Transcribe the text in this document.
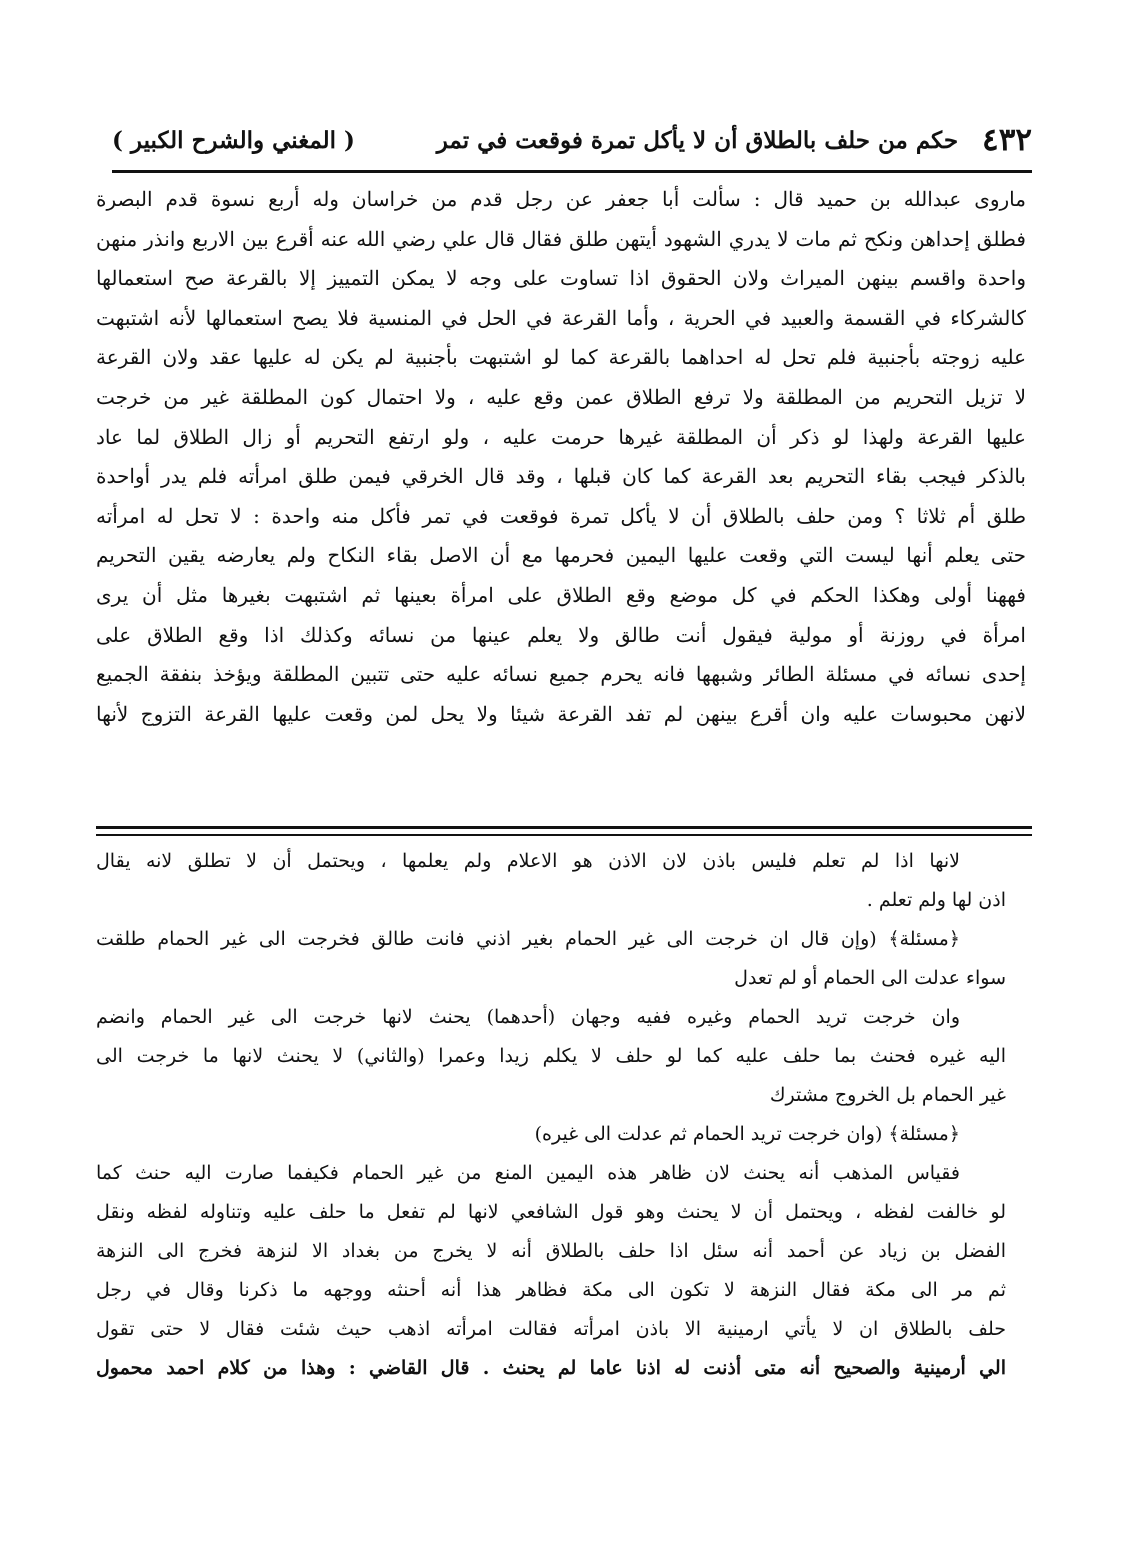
٤٣٢
حكم من حلف بالطلاق أن لا يأكل تمرة فوقعت في تمر
( المغني والشرح الكبير )
ماروى عبدالله بن حميد قال : سألت أبا جعفر عن رجل قدم من خراسان وله أربع نسوة قدم البصرة
فطلق إحداهن ونكح ثم مات لا يدري الشهود أيتهن طلق فقال قال علي رضي الله عنه أقرع بين الاربع وانذر منهن
واحدة واقسم بينهن الميراث ولان الحقوق اذا تساوت على وجه لا يمكن التمييز إلا بالقرعة صح استعمالها
كالشركاء في القسمة والعبيد في الحرية ، وأما القرعة في الحل في المنسية فلا يصح استعمالها لأنه اشتبهت
عليه زوجته بأجنبية فلم تحل له احداهما بالقرعة كما لو اشتبهت بأجنبية لم يكن له عليها عقد ولان القرعة
لا تزيل التحريم من المطلقة ولا ترفع الطلاق عمن وقع عليه ، ولا احتمال كون المطلقة غير من خرجت
عليها القرعة ولهذا لو ذكر أن المطلقة غيرها حرمت عليه ، ولو ارتفع التحريم أو زال الطلاق لما عاد
بالذكر فيجب بقاء التحريم بعد القرعة كما كان قبلها ، وقد قال الخرقي فيمن طلق امرأته فلم يدر أواحدة
طلق أم ثلاثا ؟ ومن حلف بالطلاق أن لا يأكل تمرة فوقعت في تمر فأكل منه واحدة : لا تحل له امرأته
حتى يعلم أنها ليست التي وقعت عليها اليمين فحرمها مع أن الاصل بقاء النكاح ولم يعارضه يقين التحريم
فههنا أولى وهكذا الحكم في كل موضع وقع الطلاق على امرأة بعينها ثم اشتبهت بغيرها مثل أن يرى
امرأة في روزنة أو مولية فيقول أنت طالق ولا يعلم عينها من نسائه وكذلك اذا وقع الطلاق على
إحدى نسائه في مسئلة الطائر وشبهها فانه يحرم جميع نسائه عليه حتى تتبين المطلقة ويؤخذ بنفقة الجميع
لانهن محبوسات عليه وان أقرع بينهن لم تفد القرعة شيئا ولا يحل لمن وقعت عليها القرعة التزوج لأنها
لانها اذا لم تعلم فليس باذن لان الاذن هو الاعلام ولم يعلمها ، ويحتمل أن لا تطلق لانه يقال
اذن لها ولم تعلم .
﴿مسئلة﴾ (وإن قال ان خرجت الى غير الحمام بغير اذني فانت طالق فخرجت الى غير الحمام طلقت
سواء عدلت الى الحمام أو لم تعدل
وان خرجت تريد الحمام وغيره ففيه وجهان (أحدهما) يحنث لانها خرجت الى غير الحمام وانضم
اليه غيره فحنث بما حلف عليه كما لو حلف لا يكلم زيدا وعمرا (والثاني) لا يحنث لانها ما خرجت الى
غير الحمام بل الخروج مشترك
﴿مسئلة﴾ (وان خرجت تريد الحمام ثم عدلت الى غيره)
فقياس المذهب أنه يحنث لان ظاهر هذه اليمين المنع من غير الحمام فكيفما صارت اليه حنث كما
لو خالفت لفظه ، ويحتمل أن لا يحنث وهو قول الشافعي لانها لم تفعل ما حلف عليه وتناوله لفظه ونقل
الفضل بن زياد عن أحمد أنه سئل اذا حلف بالطلاق أنه لا يخرج من بغداد الا لنزهة فخرج الى النزهة
ثم مر الى مكة فقال النزهة لا تكون الى مكة فظاهر هذا أنه أحنثه ووجهه ما ذكرنا وقال في رجل
حلف بالطلاق ان لا يأتي ارمينية الا باذن امرأته فقالت امرأته اذهب حيث شئت فقال لا حتى تقول
الي أرمينية والصحيح أنه متى أذنت له اذنا عاما لم يحنث . قال القاضي : وهذا من كلام احمد محمول
